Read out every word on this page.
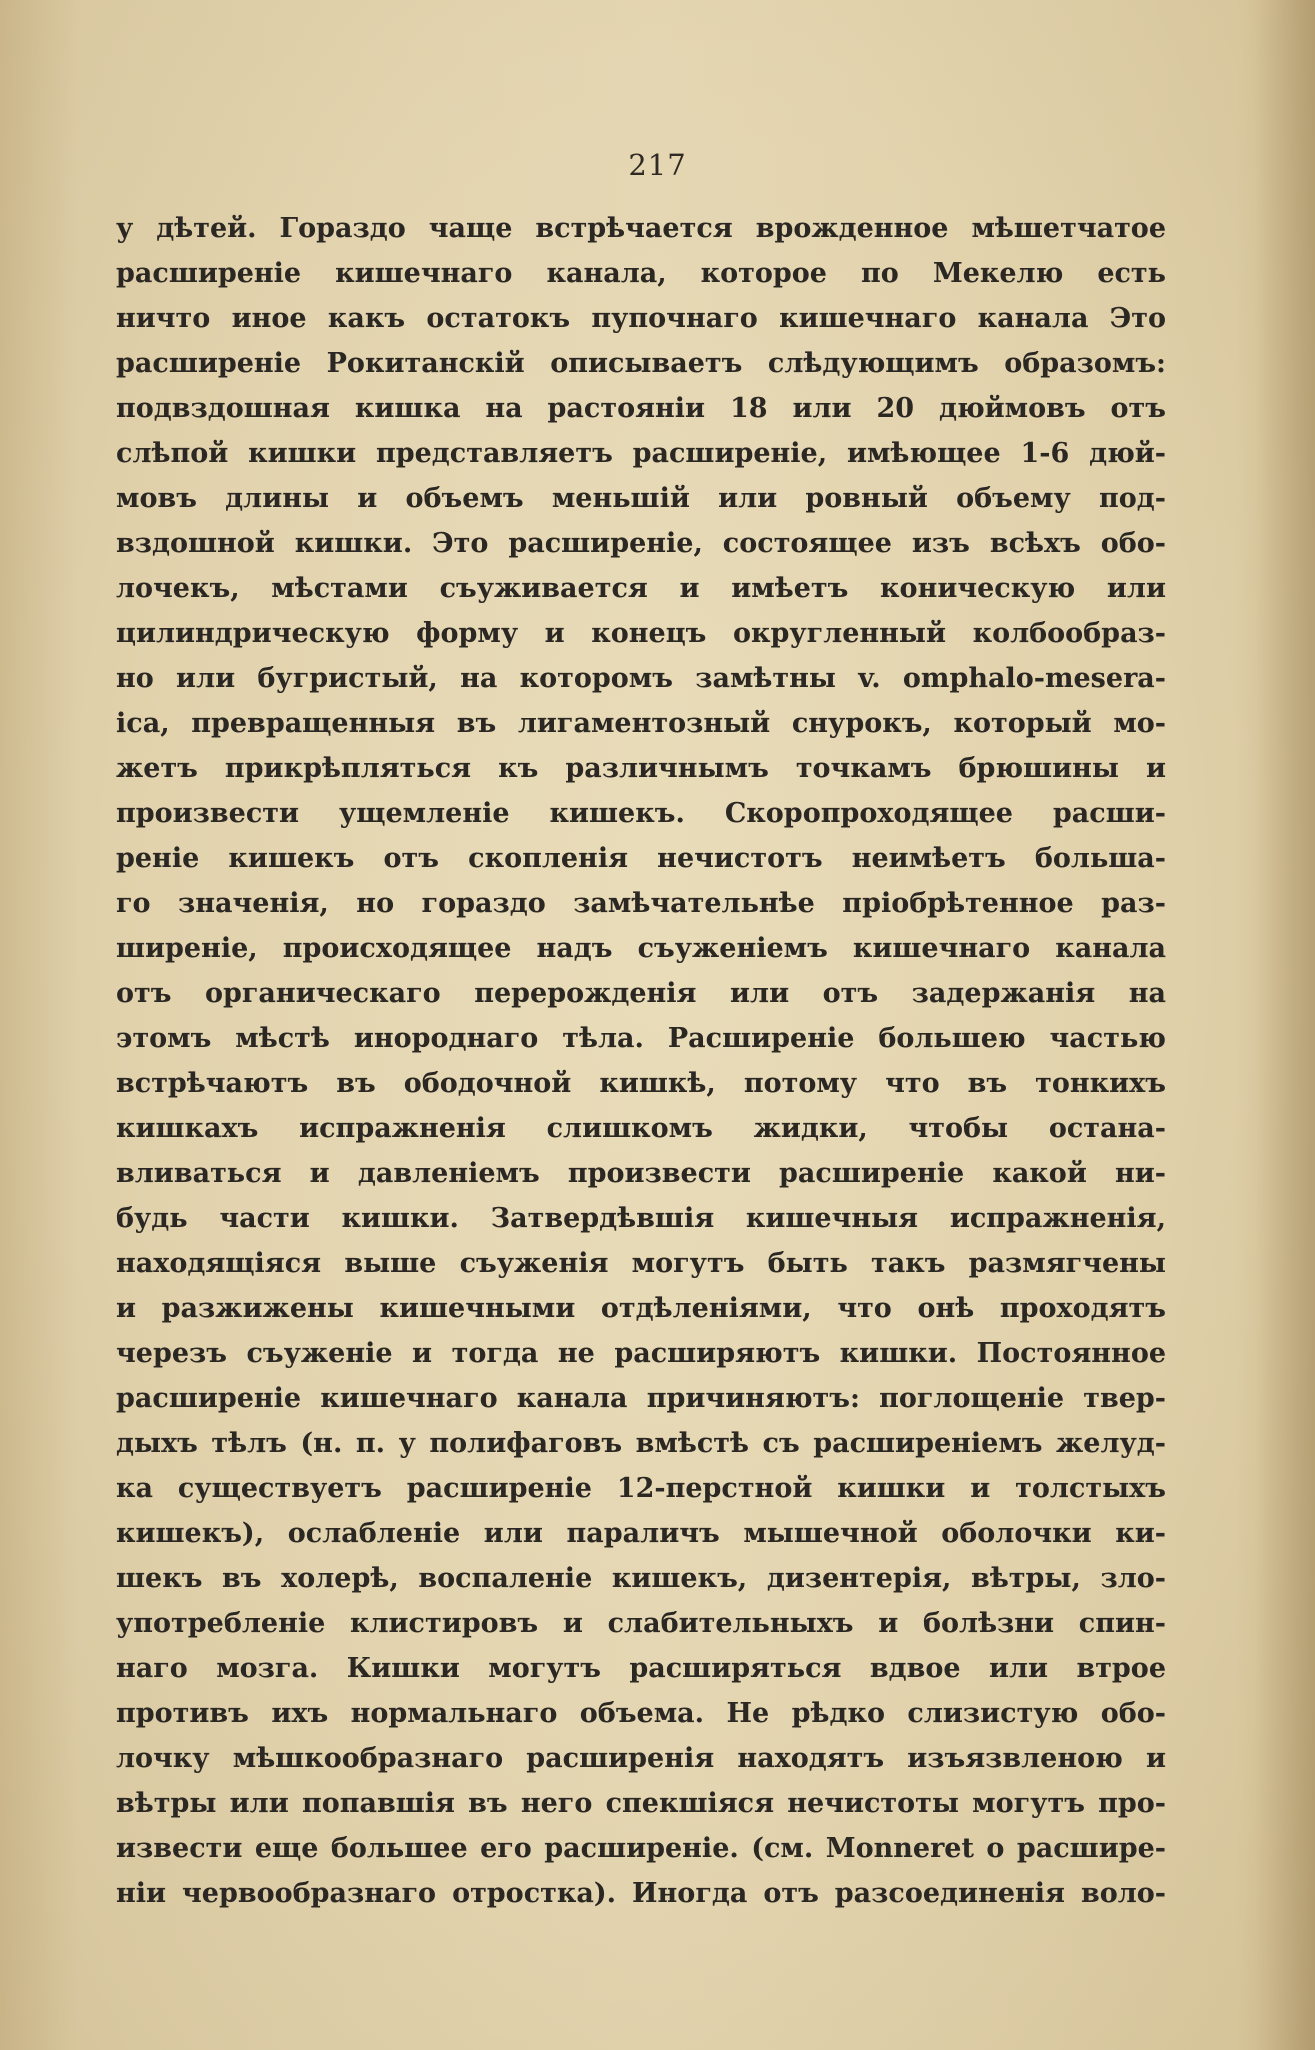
217
у дѣтей. Гораздо чаще встрѣчается врожденное мѣшетчатое
расширеніе кишечнаго канала, которое по Мекелю есть
ничто иное какъ остатокъ пупочнаго кишечнаго канала Это
расширеніе Рокитанскій описываетъ слѣдующимъ образомъ:
подвздошная кишка на растояніи 18 или 20 дюймовъ отъ
слѣпой кишки представляетъ расширеніе, имѣющее 1-6 дюй-
мовъ длины и объемъ меньшій или ровный объему под-
вздошной кишки. Это расширеніе, состоящее изъ всѣхъ обо-
лочекъ, мѣстами съуживается и имѣетъ коническую или
цилиндрическую форму и конецъ округленный колбообраз-
но или бугристый, на которомъ замѣтны v. omphalo-mesera-
ica, превращенныя въ лигаментозный снурокъ, который мо-
жетъ прикрѣпляться къ различнымъ точкамъ брюшины и
произвести ущемленіе кишекъ. Скоропроходящее расши-
реніе кишекъ отъ скопленія нечистотъ неимѣетъ большa-
го значенія, но гораздо замѣчательнѣе пріобрѣтенное раз-
ширеніе, происходящее надъ съуженіемъ кишечнаго канала
отъ органическаго перерожденія или отъ задержанія на
этомъ мѣстѣ инороднаго тѣла. Расширеніе большею частью
встрѣчаютъ въ ободочной кишкѣ, потому что въ тонкихъ
кишкахъ испражненія слишкомъ жидки, чтобы остана-
вливаться и давленіемъ произвести расширеніе какой ни-
будь части кишки. Затвердѣвшія кишечныя испражненія,
находящіяся выше съуженія могутъ быть такъ размягчены
и разжижены кишечными отдѣленіями, что онѣ проходятъ
черезъ съуженіе и тогда не расширяютъ кишки. Постоянное
расширеніе кишечнаго канала причиняютъ: поглощеніе твер-
дыхъ тѣлъ (н. п. у полифаговъ вмѣстѣ съ расширеніемъ желуд-
ка существуетъ расширеніе 12-перстной кишки и толстыхъ
кишекъ), ослабленіе или параличъ мышечной оболочки ки-
шекъ въ холерѣ, воспаленіе кишекъ, дизентерія, вѣтры, зло-
употребленіе клистировъ и слабительныхъ и болѣзни спин-
наго мозга. Кишки могутъ расширяться вдвое или втрое
противъ ихъ нормальнаго объема. Не рѣдко слизистую обо-
лочку мѣшкообразнаго расширенія находятъ изъязвленою и
вѣтры или попавшія въ него спекшіяся нечистоты могутъ про-
извести еще большее его расширеніе. (см. Monneret о расшире-
ніи червообразнаго отростка). Иногда отъ разсоединенія воло-
